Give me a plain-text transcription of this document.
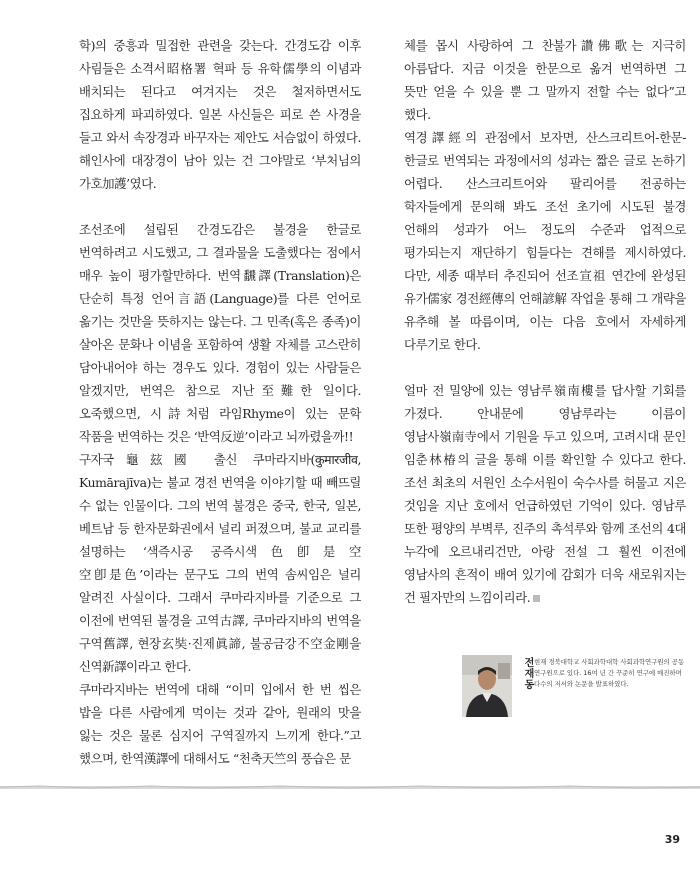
학)의 중흥과 밀접한 관련을 갖는다. 간경도감 이후 사림들은 소격서昭格署 혁파 등 유학儒學의 이념과 배치되는 된다고 여겨지는 것은 철저하면서도 집요하게 파괴하였다. 일본 사신들은 피로 쓴 사경을 들고 와서 속장경과 바꾸자는 제안도 서슴없이 하였다. 해인사에 대장경이 남아 있는 건 그야말로 ‘부처님의 가호加護’였다.

조선조에 설립된 간경도감은 불경을 한글로 번역하려고 시도했고, 그 결과물을 도출했다는 점에서 매우 높이 평가할만하다. 번역飜譯(Translation)은 단순히 특정 언어言語(Language)를 다른 언어로 옮기는 것만을 뜻하지는 않는다. 그 민족(혹은 종족)이 살아온 문화나 이념을 포함하여 생활 자체를 고스란히 담아내어야 하는 경우도 있다. 경험이 있는 사람들은 알겠지만, 번역은 참으로 지난至難한 일이다. 오죽했으면, 시詩처럼 라임Rhyme이 있는 문학 작품을 번역하는 것은 ‘반역反逆’이라고 뇌까렸을까!!

구자국龜玆國 출신 쿠마라지바(कुमारजीव, Kumārajīva)는 불교 경전 번역을 이야기할 때 빼뜨릴 수 없는 인물이다. 그의 번역 불경은 중국, 한국, 일본, 베트남 등 한자문화권에서 널리 퍼졌으며, 불교 교리를 설명하는 ‘색즉시공 공즉시색色卽是空 空卽是色’이라는 문구도 그의 번역 솜씨임은 널리 알려진 사실이다. 그래서 쿠마라지바를 기준으로 그 이전에 번역된 불경을 고역古譯, 쿠마라지바의 번역을 구역舊譯, 현장玄奘·진제眞諦, 불공금강不空金剛을 신역新譯이라고 한다.

쿠마라지바는 번역에 대해 “이미 입에서 한 번 씹은 밥을 다른 사람에게 먹이는 것과 같아, 원래의 맛을 잃는 것은 물론 심지어 구역질까지 느끼게 한다.”고 했으며, 한역漢譯에 대해서도 “천축天竺의 풍습은 문

체를 몹시 사랑하여 그 찬불가讚佛歌는 지극히 아름답다. 지금 이것을 한문으로 옮겨 번역하면 그 뜻만 얻을 수 있을 뿐 그 말까지 전할 수는 없다”고 했다.

역경譯經의 관점에서 보자면, 산스크리트어-한문-한글로 번역되는 과정에서의 성과는 짧은 글로 논하기 어렵다. 산스크리트어와 팔리어를 전공하는 학자들에게 문의해 봐도 조선 초기에 시도된 불경 언해의 성과가 어느 정도의 수준과 업적으로 평가되는지 재단하기 힘들다는 견해를 제시하였다. 다만, 세종 때부터 추진되어 선조宣祖 연간에 완성된 유가儒家 경전經傳의 언해諺解 작업을 통해 그 개략을 유추해 볼 따름이며, 이는 다음 호에서 자세하게 다루기로 한다.

얼마 전 밀양에 있는 영남루嶺南樓를 답사할 기회를 가졌다. 안내문에 영남루라는 이름이 영남사嶺南寺에서 기원을 두고 있으며, 고려시대 문인 임춘林椿의 글을 통해 이를 확인할 수 있다고 한다. 조선 최초의 서원인 소수서원이 숙수사를 허물고 지은 것임을 지난 호에서 언급하였던 기억이 있다. 영남루 또한 평양의 부벽루, 진주의 촉석루와 함께 조선의 4대 누각에 오르내리건만, 아랑 전설 그 훨씬 이전에 영남사의 흔적이 배여 있기에 감회가 더욱 새로워지는 건 필자만의 느낌이리라.

전재동 현재 경북대학교 사회과학대학 사회과학연구원의 공동연구원으로 있다. 16여 년 간 꾸준히 연구에 매진하며 다수의 저서와 논문을 발표하였다.
39
